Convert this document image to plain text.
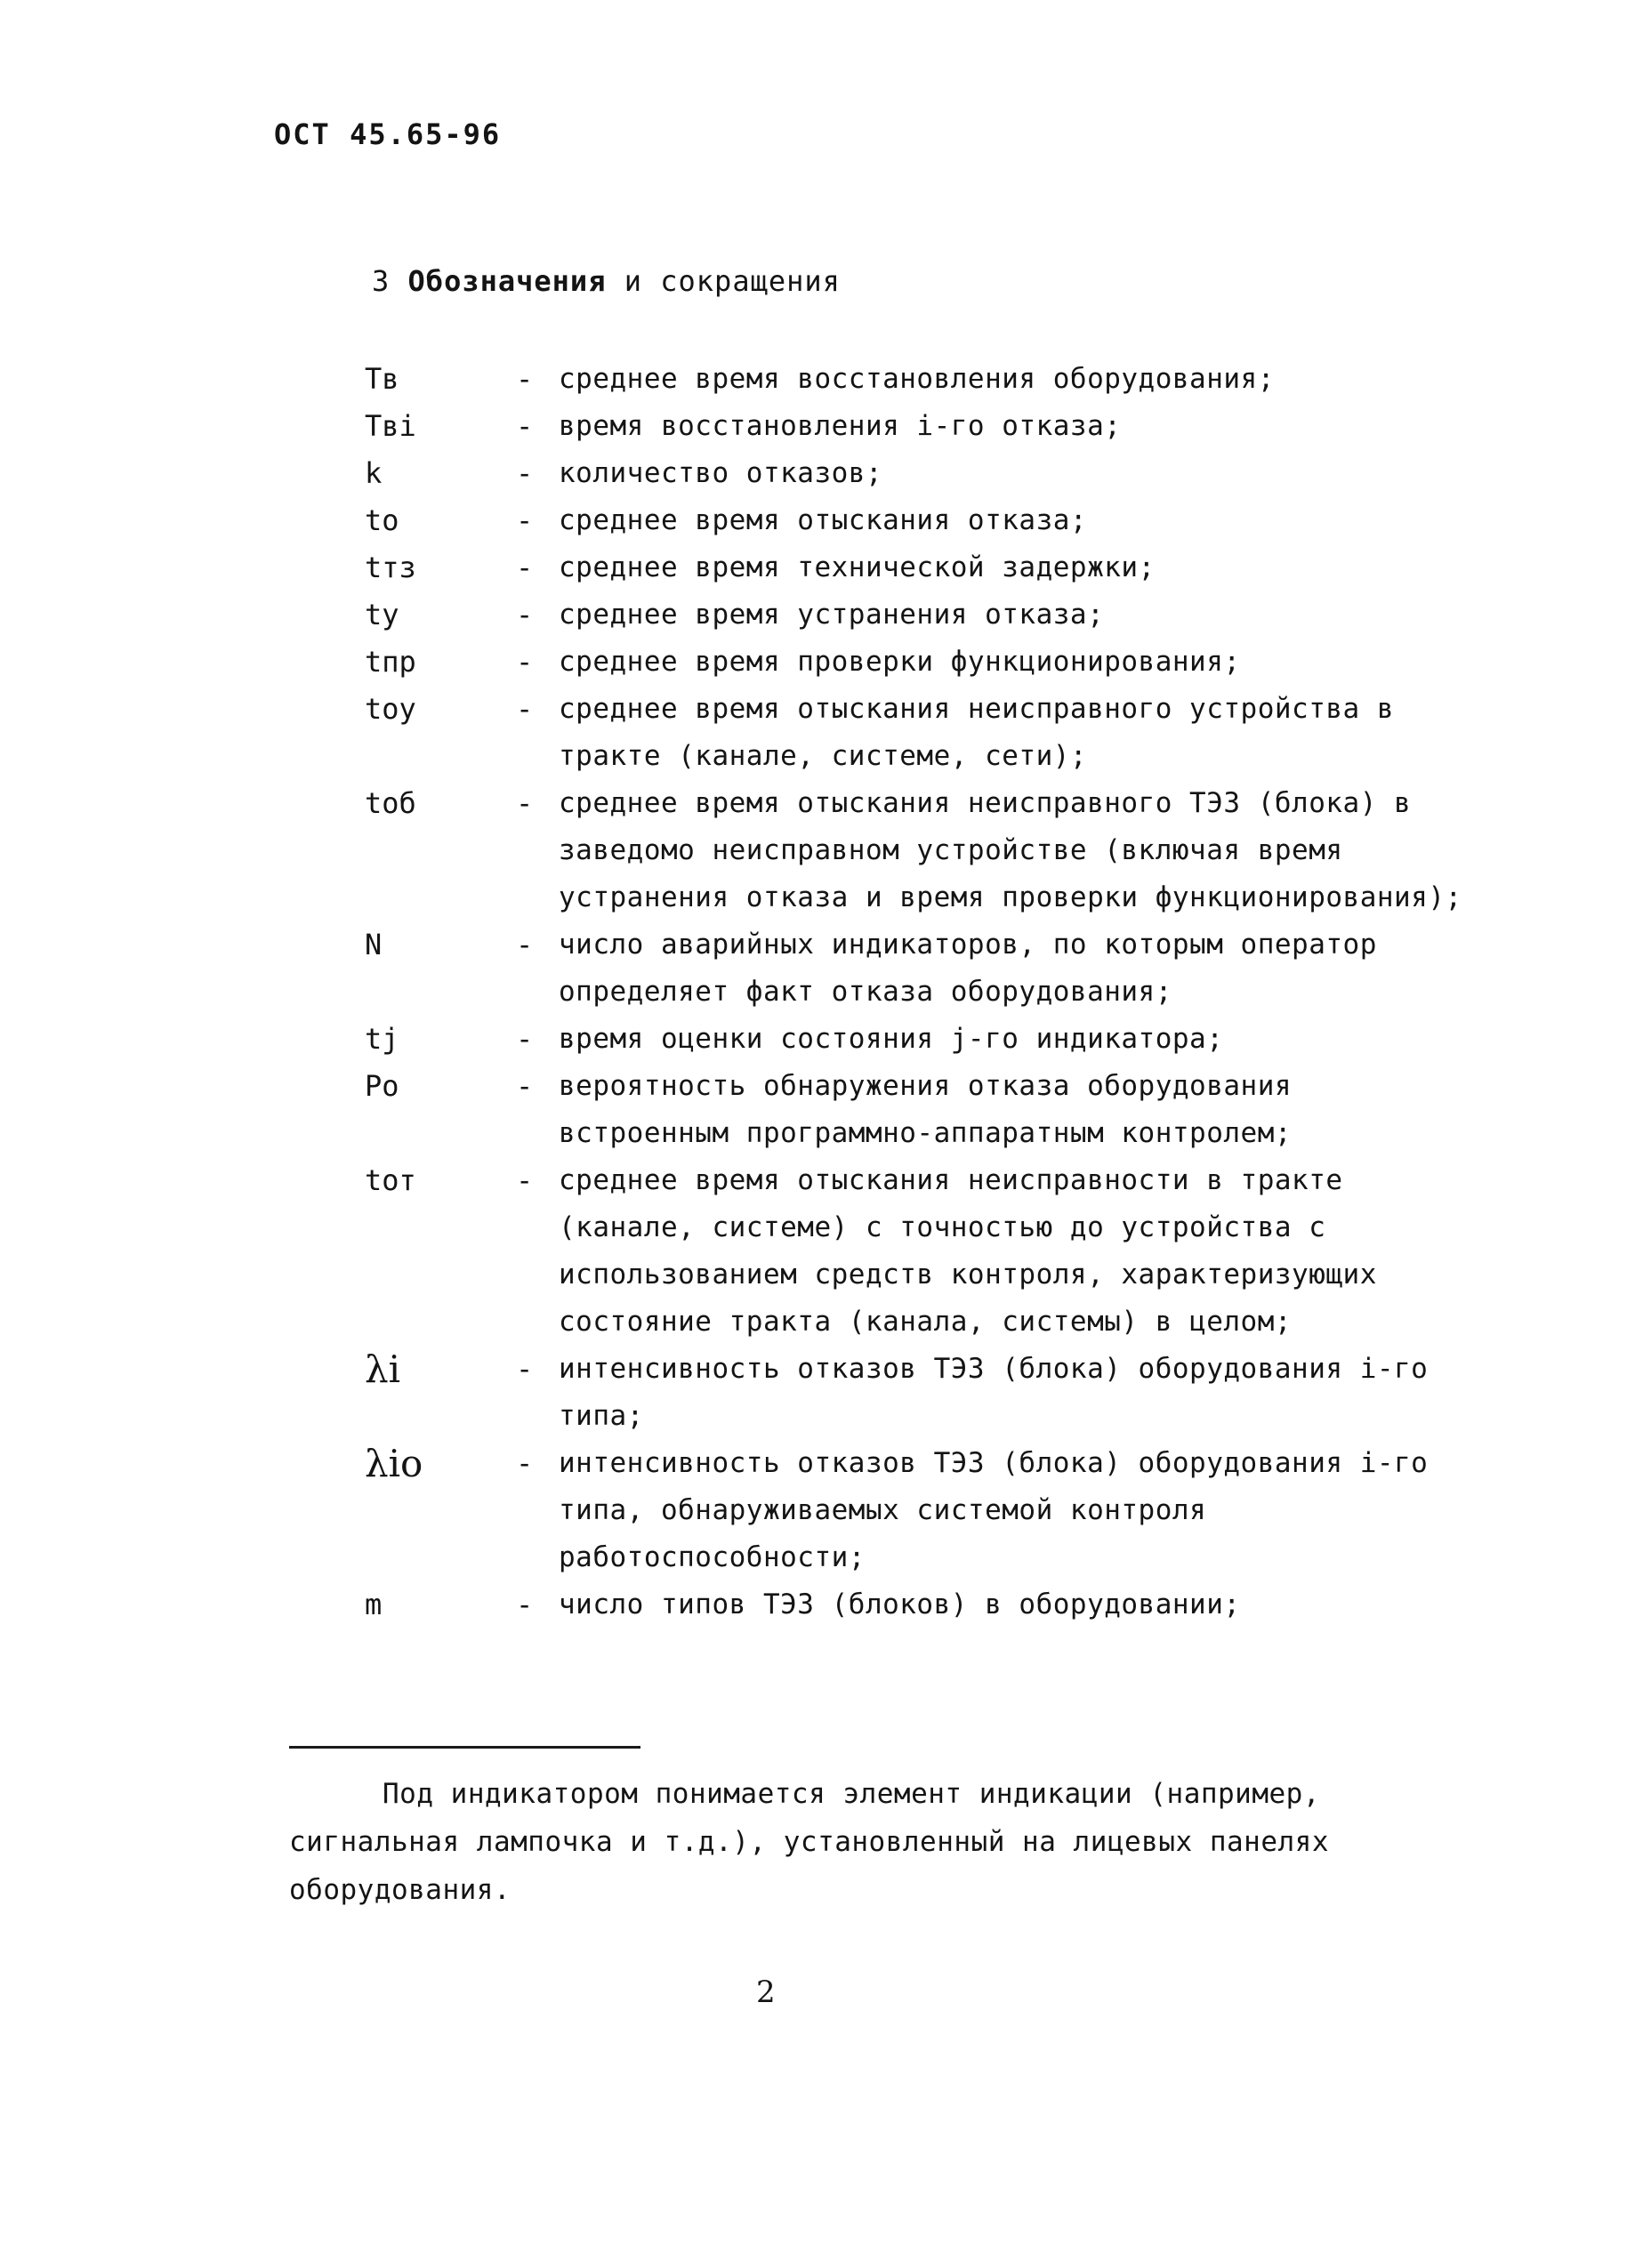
ОСТ 45.65-96
3 Обозначения и сокращения
Тв	- среднее время восстановления оборудования;
Твi	- время восстановления i-го отказа;
k	- количество отказов;
to	- среднее время отыскания отказа;
tтз	- среднее время технической задержки;
ty	- среднее время устранения отказа;
tпр	- среднее время проверки функционирования;
toy	- среднее время отыскания неисправного устройства в тракте (канале, системе, сети);
toб	- среднее время отыскания неисправного ТЭЗ (блока) в заведомо неисправном устройстве (включая время устранения отказа и время проверки функционирования);
N	- число аварийных индикаторов, по которым оператор определяет факт отказа оборудования;
tj	- время оценки состояния j-го индикатора;
Po	- вероятность обнаружения отказа оборудования встроенным программно-аппаратным контролем;
toт	- среднее время отыскания неисправности в тракте (канале, системе) с точностью до устройства с использованием средств контроля, характеризующих состояние тракта (канала, системы) в целом;
λi	- интенсивность отказов ТЭЗ (блока) оборудования i-го типа;
λio	- интенсивность отказов ТЭЗ (блока) оборудования i-го типа, обнаруживаемых системой контроля работоспособности;
m	- число типов ТЭЗ (блоков) в оборудовании;
Под индикатором понимается элемент индикации (например, сигнальная лампочка и т.д.), установленный на лицевых панелях оборудования.
2
